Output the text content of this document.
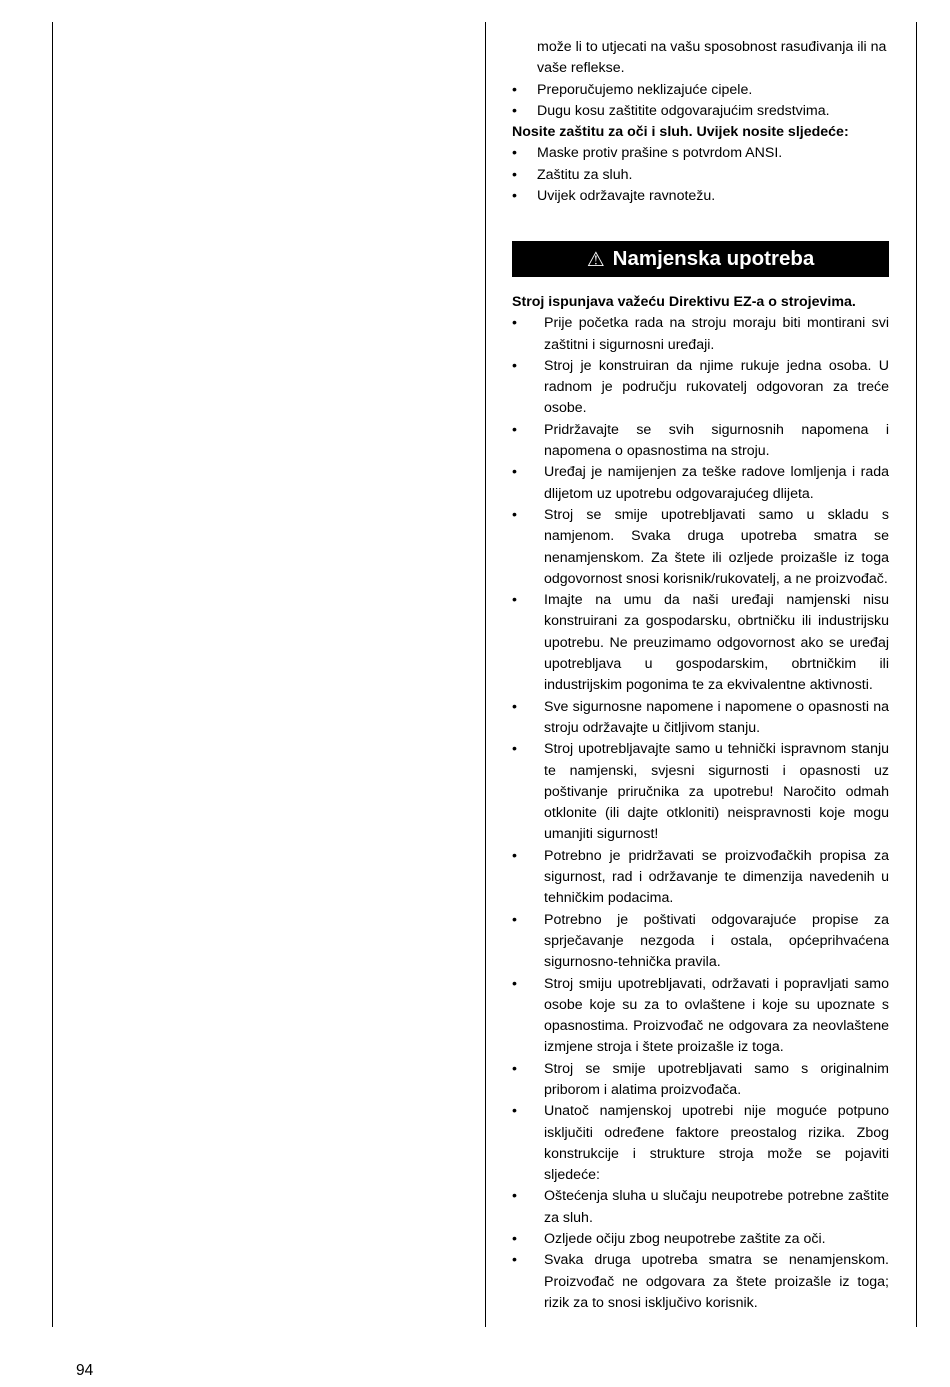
može li to utjecati na vašu sposobnost rasuđivanja ili na vaše reflekse.
• Preporučujemo neklizajuće cipele.
• Dugu kosu zaštitite odgovarajućim sredstvima.
Nosite zaštitu za oči i sluh. Uvijek nosite sljedeće:
• Maske protiv prašine s potvrdom ANSI.
• Zaštitu za sluh.
• Uvijek održavajte ravnotežu.
⚠ Namjenska upotreba
Stroj ispunjava važeću Direktivu EZ-a o strojevima.
• Prije početka rada na stroju moraju biti montirani svi zaštitni i sigurnosni uređaji.
• Stroj je konstruiran da njime rukuje jedna osoba. U radnom je području rukovatelj odgovoran za treće osobe.
• Pridržavajte se svih sigurnosnih napomena i napomena o opasnostima na stroju.
• Uređaj je namijenjen za teške radove lomljenja i rada dlijetom uz upotrebu odgovarajućeg dlijeta.
• Stroj se smije upotrebljavati samo u skladu s namjenom. Svaka druga upotreba smatra se nenamjenskom. Za štete ili ozljede proizašle iz toga odgovornost snosi korisnik/rukovatelj, a ne proizvođač.
• Imajte na umu da naši uređaji namjenski nisu konstruirani za gospodarsku, obrtničku ili industrijsku upotrebu. Ne preuzimamo odgovornost ako se uređaj upotrebljava u gospodarskim, obrtničkim ili industrijskim pogonima te za ekvivalentne aktivnosti.
• Sve sigurnosne napomene i napomene o opasnosti na stroju održavajte u čitljivom stanju.
• Stroj upotrebljavajte samo u tehnički ispravnom stanju te namjenski, svjesni sigurnosti i opasnosti uz poštivanje priručnika za upotrebu! Naročito odmah otklonite (ili dajte otkloniti) neispravnosti koje mogu umanjiti sigurnost!
• Potrebno je pridržavati se proizvođačkih propisa za sigurnost, rad i održavanje te dimenzija navedenih u tehničkim podacima.
• Potrebno je poštivati odgovarajuće propise za sprječavanje nezgoda i ostala, općeprihvaćena sigurnosno-tehnička pravila.
• Stroj smiju upotrebljavati, održavati i popravljati samo osobe koje su za to ovlaštene i koje su upoznate s opasnostima. Proizvođač ne odgovara za neovlaštene izmjene stroja i štete proizašle iz toga.
• Stroj se smije upotrebljavati samo s originalnim priborom i alatima proizvođača.
• Unatoč namjenskoj upotrebi nije moguće potpuno isključiti određene faktore preostalog rizika. Zbog konstrukcije i strukture stroja može se pojaviti sljedeće:
• Oštećenja sluha u slučaju neupotrebe potrebne zaštite za sluh.
• Ozljede očiju zbog neupotrebe zaštite za oči.
• Svaka druga upotreba smatra se nenamjenskom. Proizvođač ne odgovara za štete proizašle iz toga; rizik za to snosi isključivo korisnik.
94
